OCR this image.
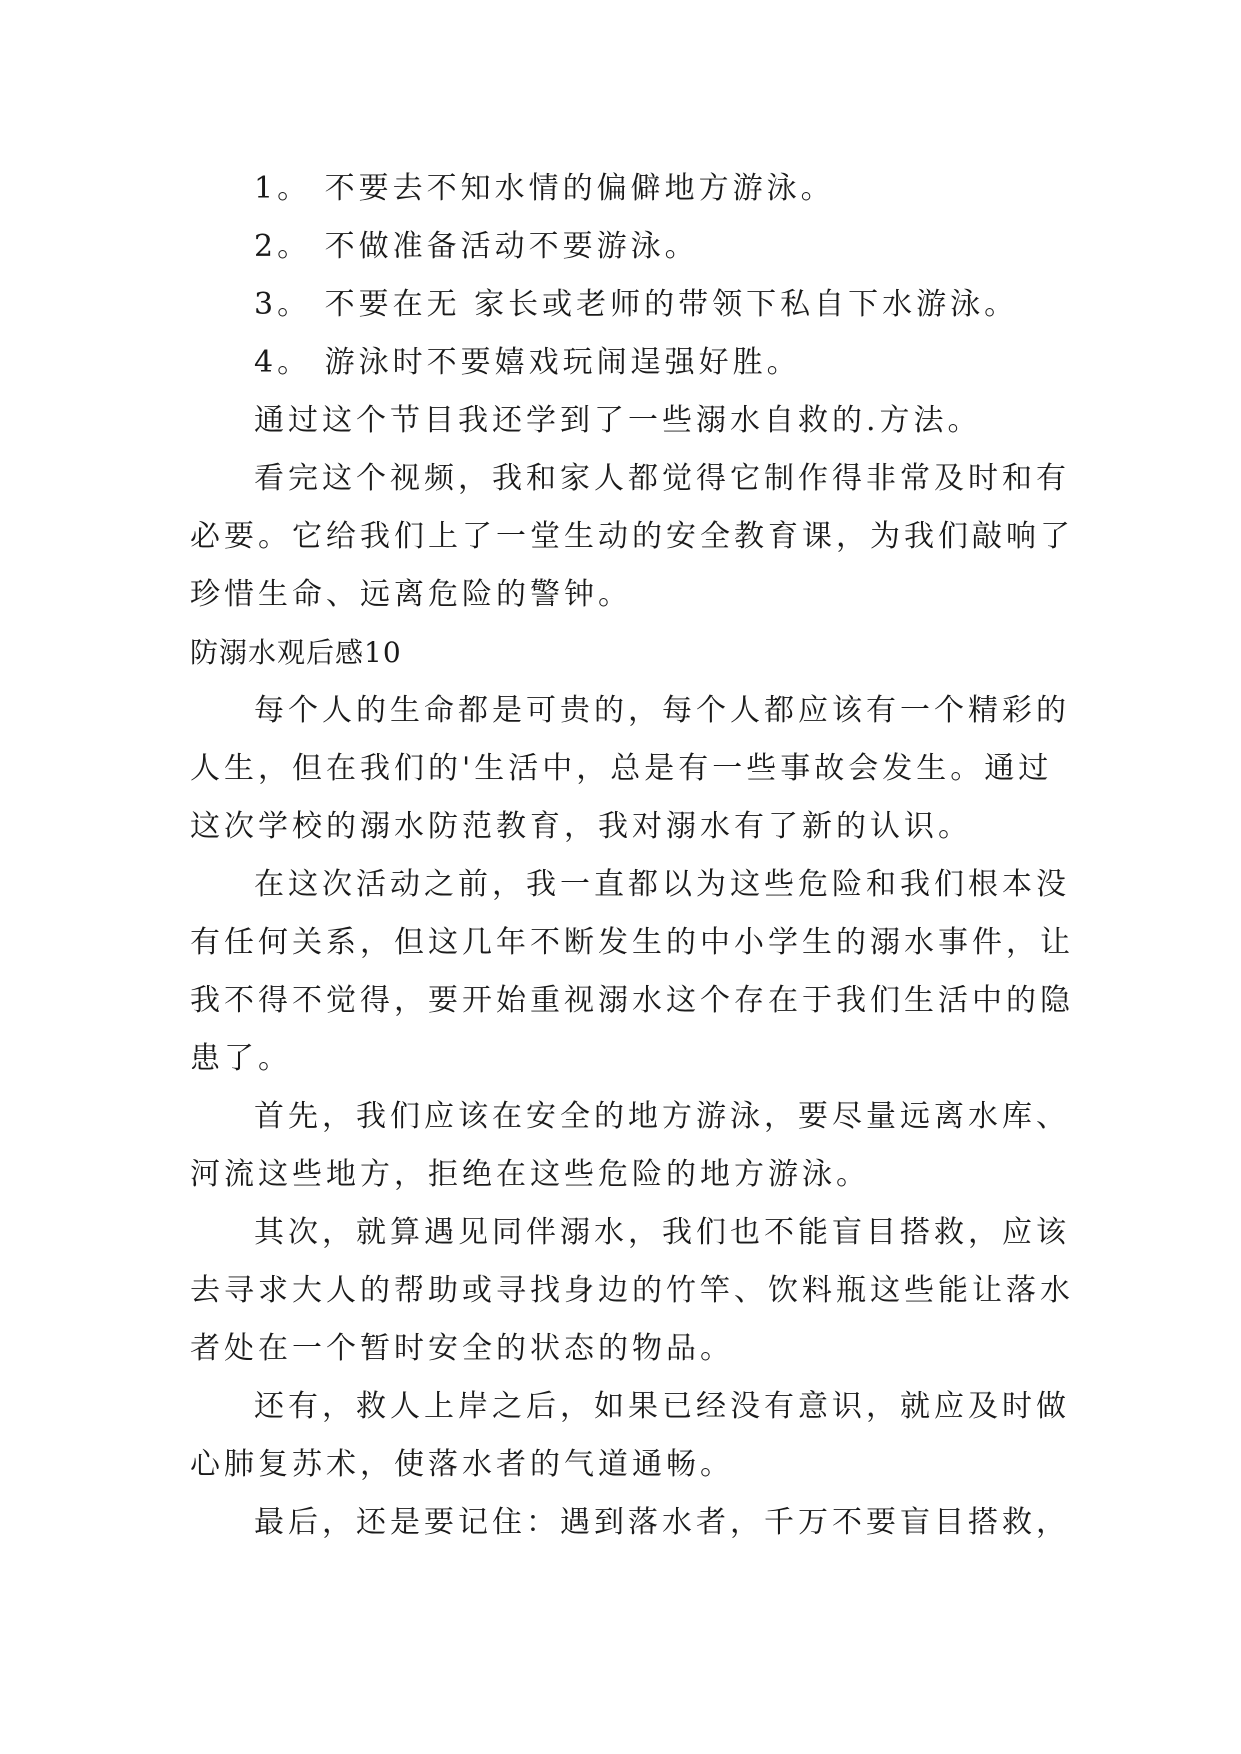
1。 不要去不知水情的偏僻地方游泳。
2。 不做准备活动不要游泳。
3。 不要在无 家长或老师的带领下私自下水游泳。
4。 游泳时不要嬉戏玩闹逞强好胜。
通过这个节目我还学到了一些溺水自救的.方法。
看完这个视频，我和家人都觉得它制作得非常及时和有
必要。它给我们上了一堂生动的安全教育课，为我们敲响了
珍惜生命、远离危险的警钟。
防溺水观后感10
每个人的生命都是可贵的，每个人都应该有一个精彩的
人生，但在我们的'生活中，总是有一些事故会发生。通过
这次学校的溺水防范教育，我对溺水有了新的认识。
在这次活动之前，我一直都以为这些危险和我们根本没
有任何关系，但这几年不断发生的中小学生的溺水事件，让
我不得不觉得，要开始重视溺水这个存在于我们生活中的隐
患了。
首先，我们应该在安全的地方游泳，要尽量远离水库、
河流这些地方，拒绝在这些危险的地方游泳。
其次，就算遇见同伴溺水，我们也不能盲目搭救，应该
去寻求大人的帮助或寻找身边的竹竿、饮料瓶这些能让落水
者处在一个暂时安全的状态的物品。
还有，救人上岸之后，如果已经没有意识，就应及时做
心肺复苏术，使落水者的气道通畅。
最后，还是要记住：遇到落水者，千万不要盲目搭救，
